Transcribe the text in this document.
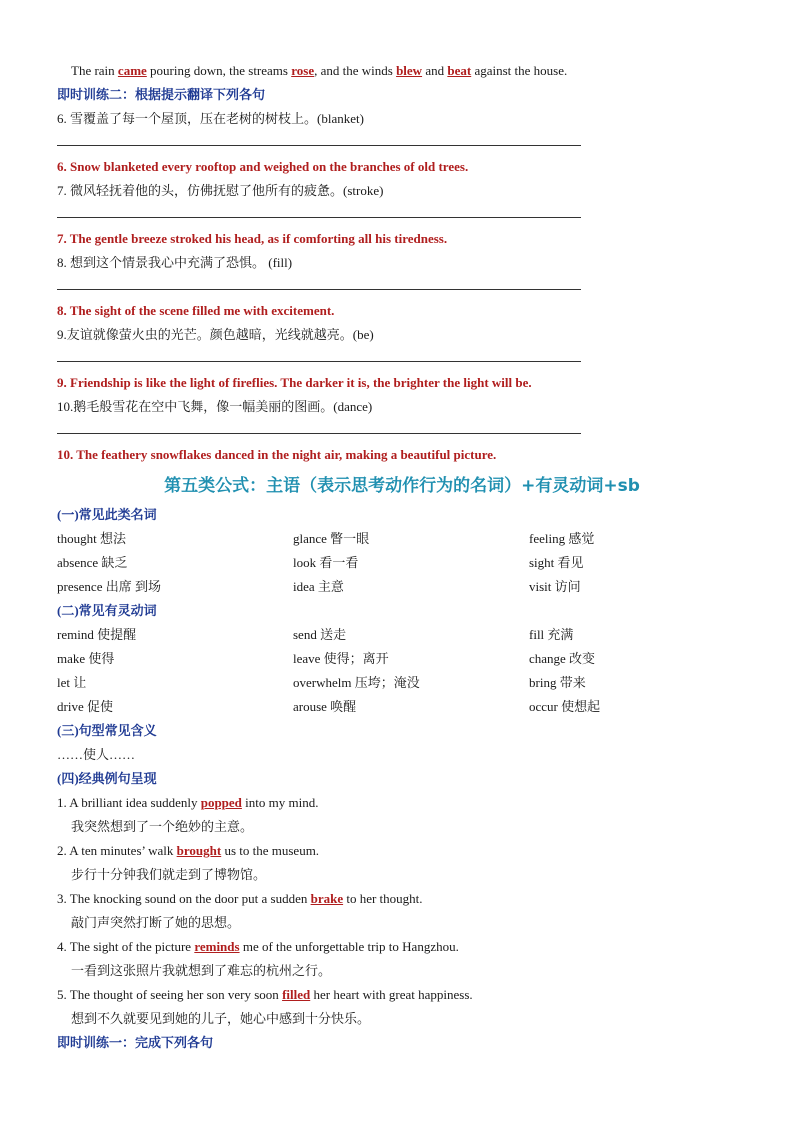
The rain came pouring down, the streams rose, and the winds blew and beat against the house.
即时训练二：根据提示翻译下列各句
6. 雪覆盖了每一个屋顶，压在老树的树枝上。(blanket)
6. Snow blanketed every rooftop and weighed on the branches of old trees.
7. 微风轻抚着他的头，仿佛抚慰了他所有的疲惫。(stroke)
7. The gentle breeze stroked his head, as if comforting all his tiredness.
8. 想到这个情景我心中充满了恐惧。 (fill)
8. The sight of the scene filled me with excitement.
9.友谊就像萤火虫的光芒。颜色越暗，光线就越亮。(be)
9. Friendship is like the light of fireflies. The darker it is, the brighter the light will be.
10.鹅毛般雪花在空中飞舞，像一幅美丽的图画。(dance)
10. The feathery snowflakes danced in the night air, making a beautiful picture.
第五类公式：主语（表示思考动作行为的名词）+有灵动词+sb
(一)常见此类名词
thought 想法	glance 瞥一眼	feeling 感觉
absence 缺乏	look 看一看	sight 看见
presence 出席 到场	idea 主意	visit 访问
(二)常见有灵动词
remind 使提醒	send 送走	fill 充满
make 使得	leave 使得；离开	change 改变
let 让	overwhelm 压垮；淹没	bring 带来
drive 促使	arouse 唤醒	occur 使想起
(三)句型常见含义
……使人……
(四)经典例句呈现
1. A brilliant idea suddenly popped into my mind.
我突然想到了一个绝妙的主意。
2. A ten minutes’ walk brought us to the museum.
步行十分钟我们就走到了博物馆。
3. The knocking sound on the door put a sudden brake to her thought.
敲门声突然打断了她的思想。
4. The sight of the picture reminds me of the unforgettable trip to Hangzhou.
一看到这张照片我就想到了难忘的杭州之行。
5. The thought of seeing her son very soon filled her heart with great happiness.
想到不久就要见到她的儿子，她心中感到十分快乐。
即时训练一：完成下列各句
